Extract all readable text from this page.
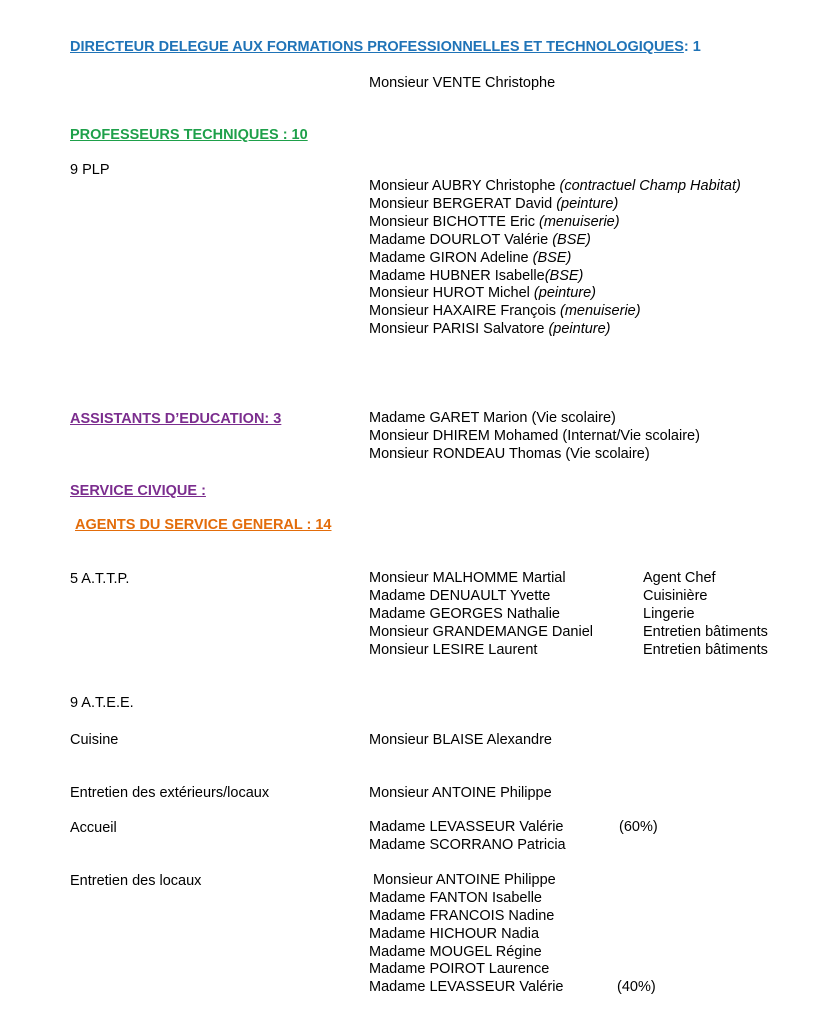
DIRECTEUR DELEGUE AUX FORMATIONS PROFESSIONNELLES ET TECHNOLOGIQUES: 1
Monsieur VENTE Christophe
PROFESSEURS TECHNIQUES : 10
9 PLP
Monsieur AUBRY Christophe (contractuel Champ Habitat)
Monsieur BERGERAT David (peinture)
Monsieur BICHOTTE Eric (menuiserie)
Madame DOURLOT Valérie (BSE)
Madame GIRON Adeline (BSE)
Madame HUBNER Isabelle(BSE)
Monsieur HUROT Michel (peinture)
Monsieur HAXAIRE François (menuiserie)
Monsieur PARISI Salvatore (peinture)
ASSISTANTS D’EDUCATION: 3	Madame GARET Marion (Vie scolaire)
Monsieur DHIREM Mohamed (Internat/Vie scolaire)
Monsieur RONDEAU Thomas (Vie scolaire)
SERVICE CIVIQUE :
AGENTS DU SERVICE GENERAL : 14
5 A.T.T.P.	Monsieur MALHOMME Martial	Agent Chef
Madame DENUAULT Yvette	Cuisinière
Madame GEORGES Nathalie	Lingerie
Monsieur GRANDEMANGE Daniel	Entretien bâtiments
Monsieur LESIRE Laurent	Entretien bâtiments
9 A.T.E.E.
Cuisine	Monsieur BLAISE Alexandre
Entretien des extérieurs/locaux	Monsieur ANTOINE Philippe
Accueil	Madame LEVASSEUR Valérie	(60%)
Madame SCORRANO Patricia
Entretien des locaux	Monsieur ANTOINE Philippe
Madame FANTON Isabelle
Madame FRANCOIS Nadine
Madame HICHOUR Nadia
Madame MOUGEL Régine
Madame POIROT Laurence
Madame LEVASSEUR Valérie	(40%)
